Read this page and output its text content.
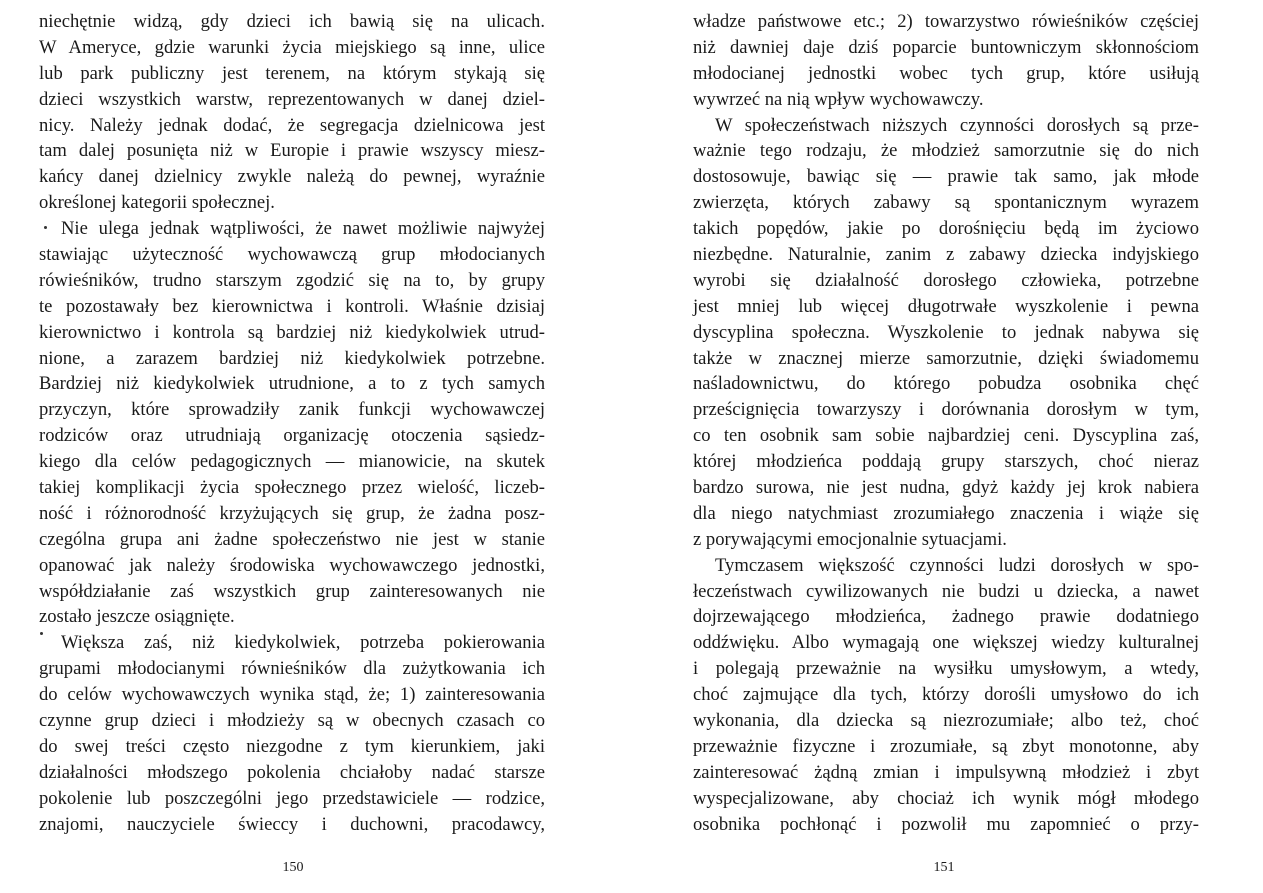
niechętnie widzą, gdy dzieci ich bawią się na ulicach.
W Ameryce, gdzie warunki życia miejskiego są inne, ulice
lub park publiczny jest terenem, na którym stykają się
dzieci wszystkich warstw, reprezentowanych w danej dziel-
nicy. Należy jednak dodać, że segregacja dzielnicowa jest
tam dalej posunięta niż w Europie i prawie wszyscy miesz-
kańcy danej dzielnicy zwykle należą do pewnej, wyraźnie
określonej kategorii społecznej.
Nie ulega jednak wątpliwości, że nawet możliwie najwyżej
stawiając użyteczność wychowawczą grup młodocianych
rówieśników, trudno starszym zgodzić się na to, by grupy
te pozostawały bez kierownictwa i kontroli. Właśnie dzisiaj
kierownictwo i kontrola są bardziej niż kiedykolwiek utrud-
nione, a zarazem bardziej niż kiedykolwiek potrzebne.
Bardziej niż kiedykolwiek utrudnione, a to z tych samych
przyczyn, które sprowadziły zanik funkcji wychowawczej
rodziców oraz utrudniają organizację otoczenia sąsiedz-
kiego dla celów pedagogicznych — mianowicie, na skutek
takiej komplikacji życia społecznego przez wielość, liczeb-
ność i różnorodność krzyżujących się grup, że żadna posz-
czególna grupa ani żadne społeczeństwo nie jest w stanie
opanować jak należy środowiska wychowawczego jednostki,
współdziałanie zaś wszystkich grup zainteresowanych nie
zostało jeszcze osiągnięte.
Większa zaś, niż kiedykolwiek, potrzeba pokierowania
grupami młodocianymi równieśników dla zużytkowania ich
do celów wychowawczych wynika stąd, że; 1) zainteresowania
czynne grup dzieci i młodzieży są w obecnych czasach co
do swej treści często niezgodne z tym kierunkiem, jaki
działalności młodszego pokolenia chciałoby nadać starsze
pokolenie lub poszczególni jego przedstawiciele — rodzice,
znajomi, nauczyciele świeccy i duchowni, pracodawcy,
150
władze państwowe etc.; 2) towarzystwo rówieśników częściej
niż dawniej daje dziś poparcie buntowniczym skłonnościom
młodocianej jednostki wobec tych grup, które usiłują
wywrzeć na nią wpływ wychowawczy.
W społeczeństwach niższych czynności dorosłych są prze-
ważnie tego rodzaju, że młodzież samorzutnie się do nich
dostosowuje, bawiąc się — prawie tak samo, jak młode
zwierzęta, których zabawy są spontanicznym wyrazem
takich popędów, jakie po dorośnięciu będą im życiowo
niezbędne. Naturalnie, zanim z zabawy dziecka indyjskiego
wyrobi się działalność dorosłego człowieka, potrzebne
jest mniej lub więcej długotrwałe wyszkolenie i pewna
dyscyplina społeczna. Wyszkolenie to jednak nabywa się
także w znacznej mierze samorzutnie, dzięki świadomemu
naśladownictwu, do którego pobudza osobnika chęć
prześcignięcia towarzyszy i dorównania dorosłym w tym,
co ten osobnik sam sobie najbardziej ceni. Dyscyplina zaś,
której młodzieńca poddają grupy starszych, choć nieraz
bardzo surowa, nie jest nudna, gdyż każdy jej krok nabiera
dla niego natychmiast zrozumiałego znaczenia i wiąże się
z porywającymi emocjonalnie sytuacjami.
Tymczasem większość czynności ludzi dorosłych w spo-
łeczeństwach cywilizowanych nie budzi u dziecka, a nawet
dojrzewającego młodzieńca, żadnego prawie dodatniego
oddźwięku. Albo wymagają one większej wiedzy kulturalnej
i polegają przeważnie na wysiłku umysłowym, a wtedy,
choć zajmujące dla tych, którzy dorośli umysłowo do ich
wykonania, dla dziecka są niezrozumiałe; albo też, choć
przeważnie fizyczne i zrozumiałe, są zbyt monotonne, aby
zainteresować żądną zmian i impulsywną młodzież i zbyt
wyspecjalizowane, aby chociaż ich wynik mógł młodego
osobnika pochłonąć i pozwolił mu zapomnieć o przy-
151
